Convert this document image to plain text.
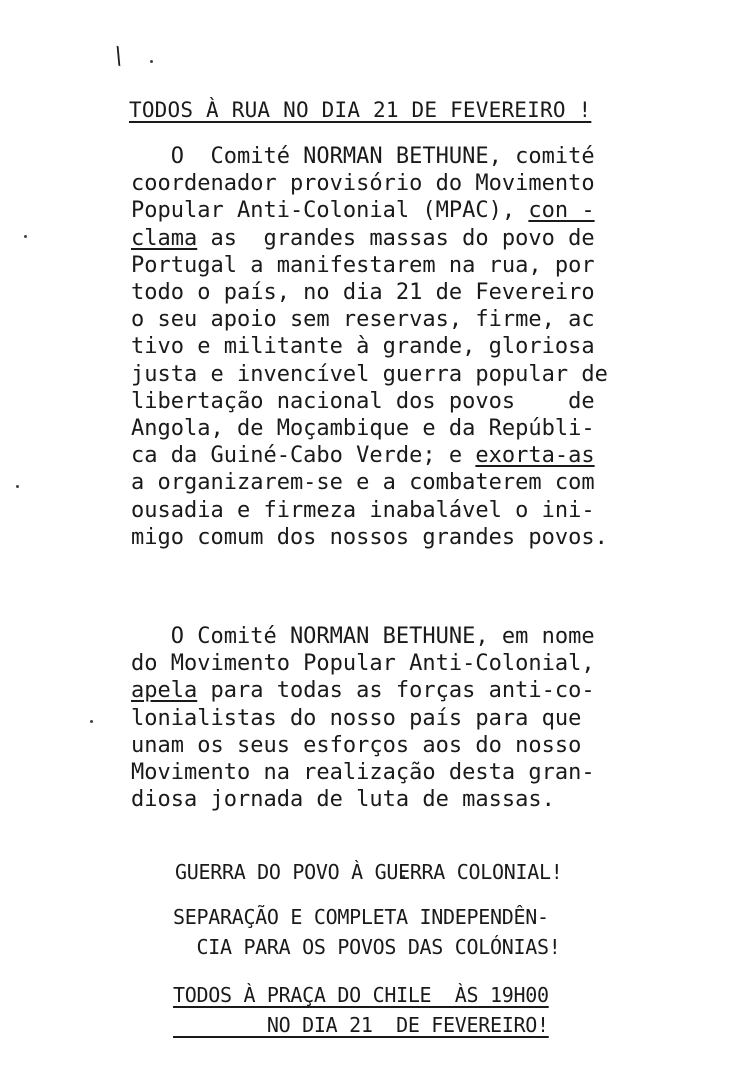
\
TODOS À RUA NO DIA 21 DE FEVEREIRO !
O  Comité NORMAN BETHUNE, comité
coordenador provisório do Movimento
Popular Anti-Colonial (MPAC), con -
clama as  grandes massas do povo de
Portugal a manifestarem na rua, por
todo o país, no dia 21 de Fevereiro
o seu apoio sem reservas, firme, ac
tivo e militante à grande, gloriosa
justa e invencível guerra popular de
libertação nacional dos povos    de
Angola, de Moçambique e da Repúbli-
ca da Guiné-Cabo Verde; e exorta-as
a organizarem-se e a combaterem com
ousadia e firmeza inabalável o ini-
migo comum dos nossos grandes povos.
O Comité NORMAN BETHUNE, em nome
do Movimento Popular Anti-Colonial,
apela para todas as forças anti-co-
lonialistas do nosso país para que
unam os seus esforços aos do nosso
Movimento na realização desta gran-
diosa jornada de luta de massas.
GUERRA DO POVO À GUERRA COLONIAL!
SEPARAÇÃO E COMPLETA INDEPENDÊN-
CIA PARA OS POVOS DAS COLÓNIAS!
TODOS À PRAÇA DO CHILE  ÀS 19H00
NO DIA 21  DE FEVEREIRO!
